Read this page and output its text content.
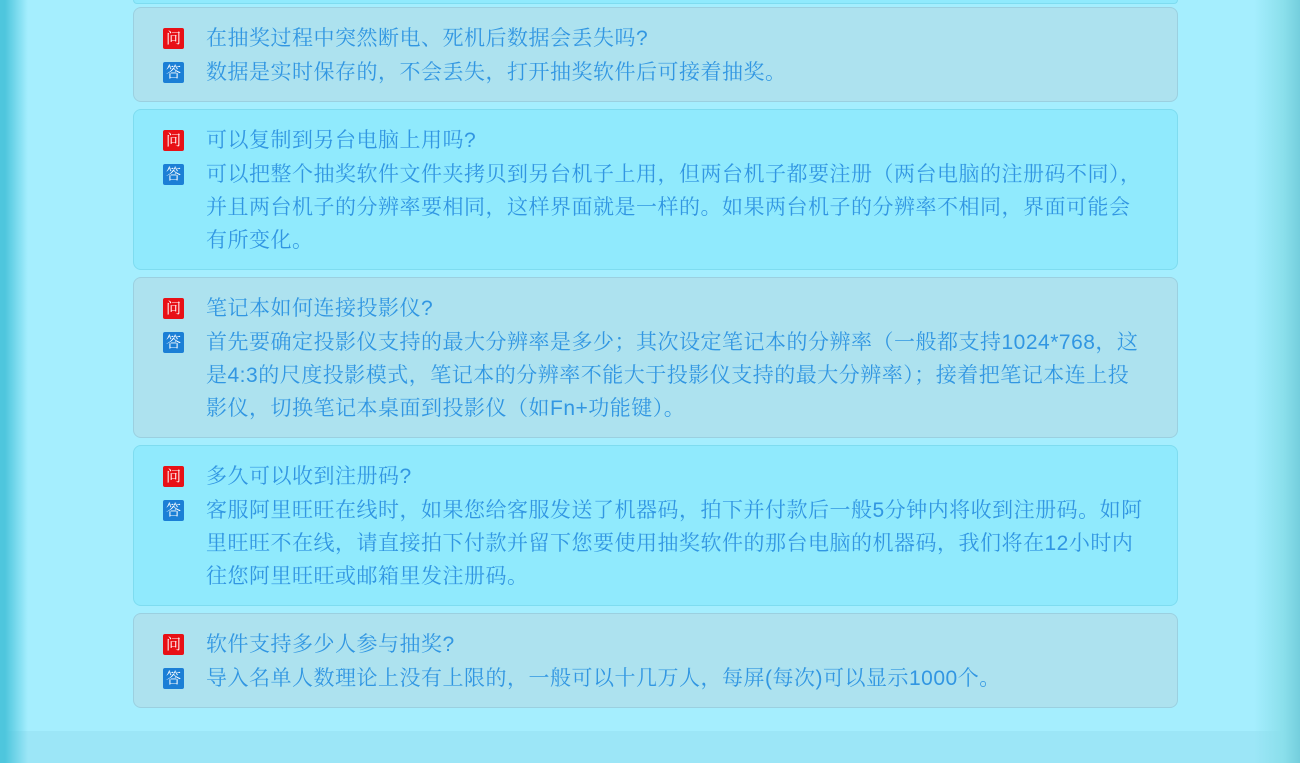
问 在抽奖过程中突然断电、死机后数据会丢失吗?
答 数据是实时保存的，不会丢失，打开抽奖软件后可接着抽奖。
问 可以复制到另台电脑上用吗?
答 可以把整个抽奖软件文件夹拷贝到另台机子上用，但两台机子都要注册（两台电脑的注册码不同），并且两台机子的分辨率要相同，这样界面就是一样的。如果两台机子的分辨率不相同，界面可能会有所变化。
问 笔记本如何连接投影仪?
答 首先要确定投影仪支持的最大分辨率是多少；其次设定笔记本的分辨率（一般都支持1024*768，这是4:3的尺度投影模式，笔记本的分辨率不能大于投影仪支持的最大分辨率）；接着把笔记本连上投影仪，切换笔记本桌面到投影仪（如Fn+功能键）。
问 多久可以收到注册码?
答 客服阿里旺旺在线时，如果您给客服发送了机器码，拍下并付款后一般5分钟内将收到注册码。如阿里旺旺不在线，请直接拍下付款并留下您要使用抽奖软件的那台电脑的机器码，我们将在12小时内往您阿里旺旺或邮箱里发注册码。
问 软件支持多少人参与抽奖?
答 导入名单人数理论上没有上限的，一般可以十几万人，每屏(每次)可以显示1000个。
